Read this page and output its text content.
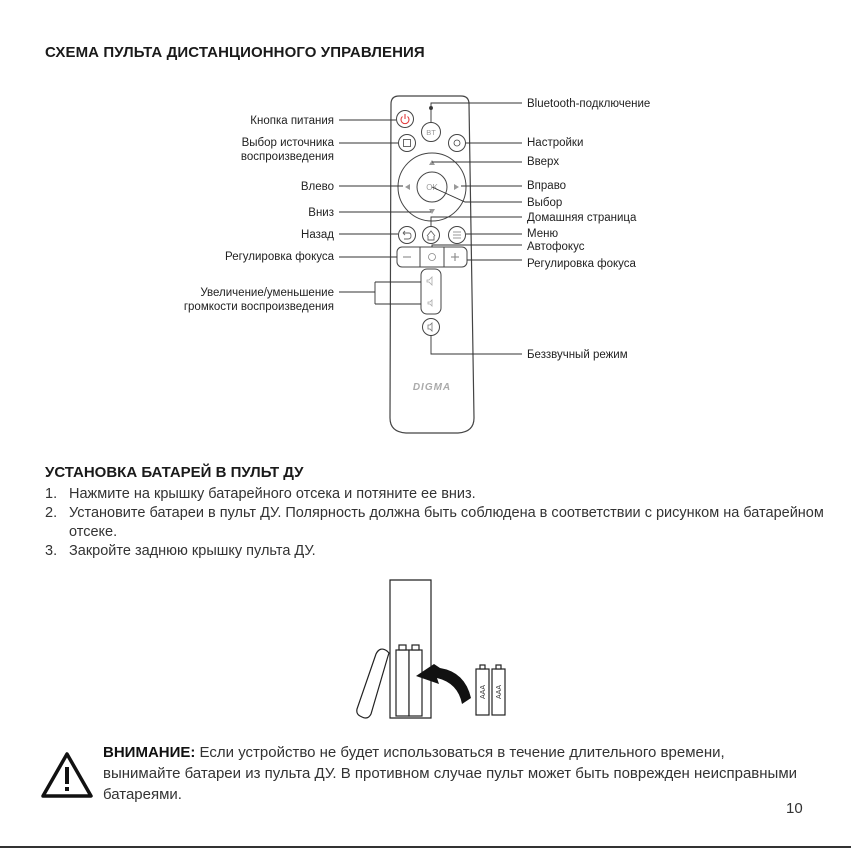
СХЕМА ПУЛЬТА ДИСТАНЦИОННОГО УПРАВЛЕНИЯ
BT
OK
DIGMA
Кнопка питания
Выбор источника
воспроизведения
Влево
Вниз
Назад
Регулировка фокуса
Увеличение/уменьшение
громкости воспроизведения
Bluetooth-подключение
Настройки
Вверх
Вправо
Выбор
Домашняя страница
Меню
Автофокус
Регулировка фокуса
Беззвучный режим
УСТАНОВКА БАТАРЕЙ В ПУЛЬТ ДУ
1. Нажмите на крышку батарейного отсека и потяните ее вниз.
2. Установите батареи в пульт ДУ. Полярность должна быть соблюдена в соответствии с рисунком на батарейном отсеке.
3. Закройте заднюю крышку пульта ДУ.
AAA AAA
ВНИМАНИЕ: Если устройство не будет использоваться в течение длительного времени, вынимайте батареи из пульта ДУ. В противном случае пульт может быть поврежден неисправными батареями.
10
